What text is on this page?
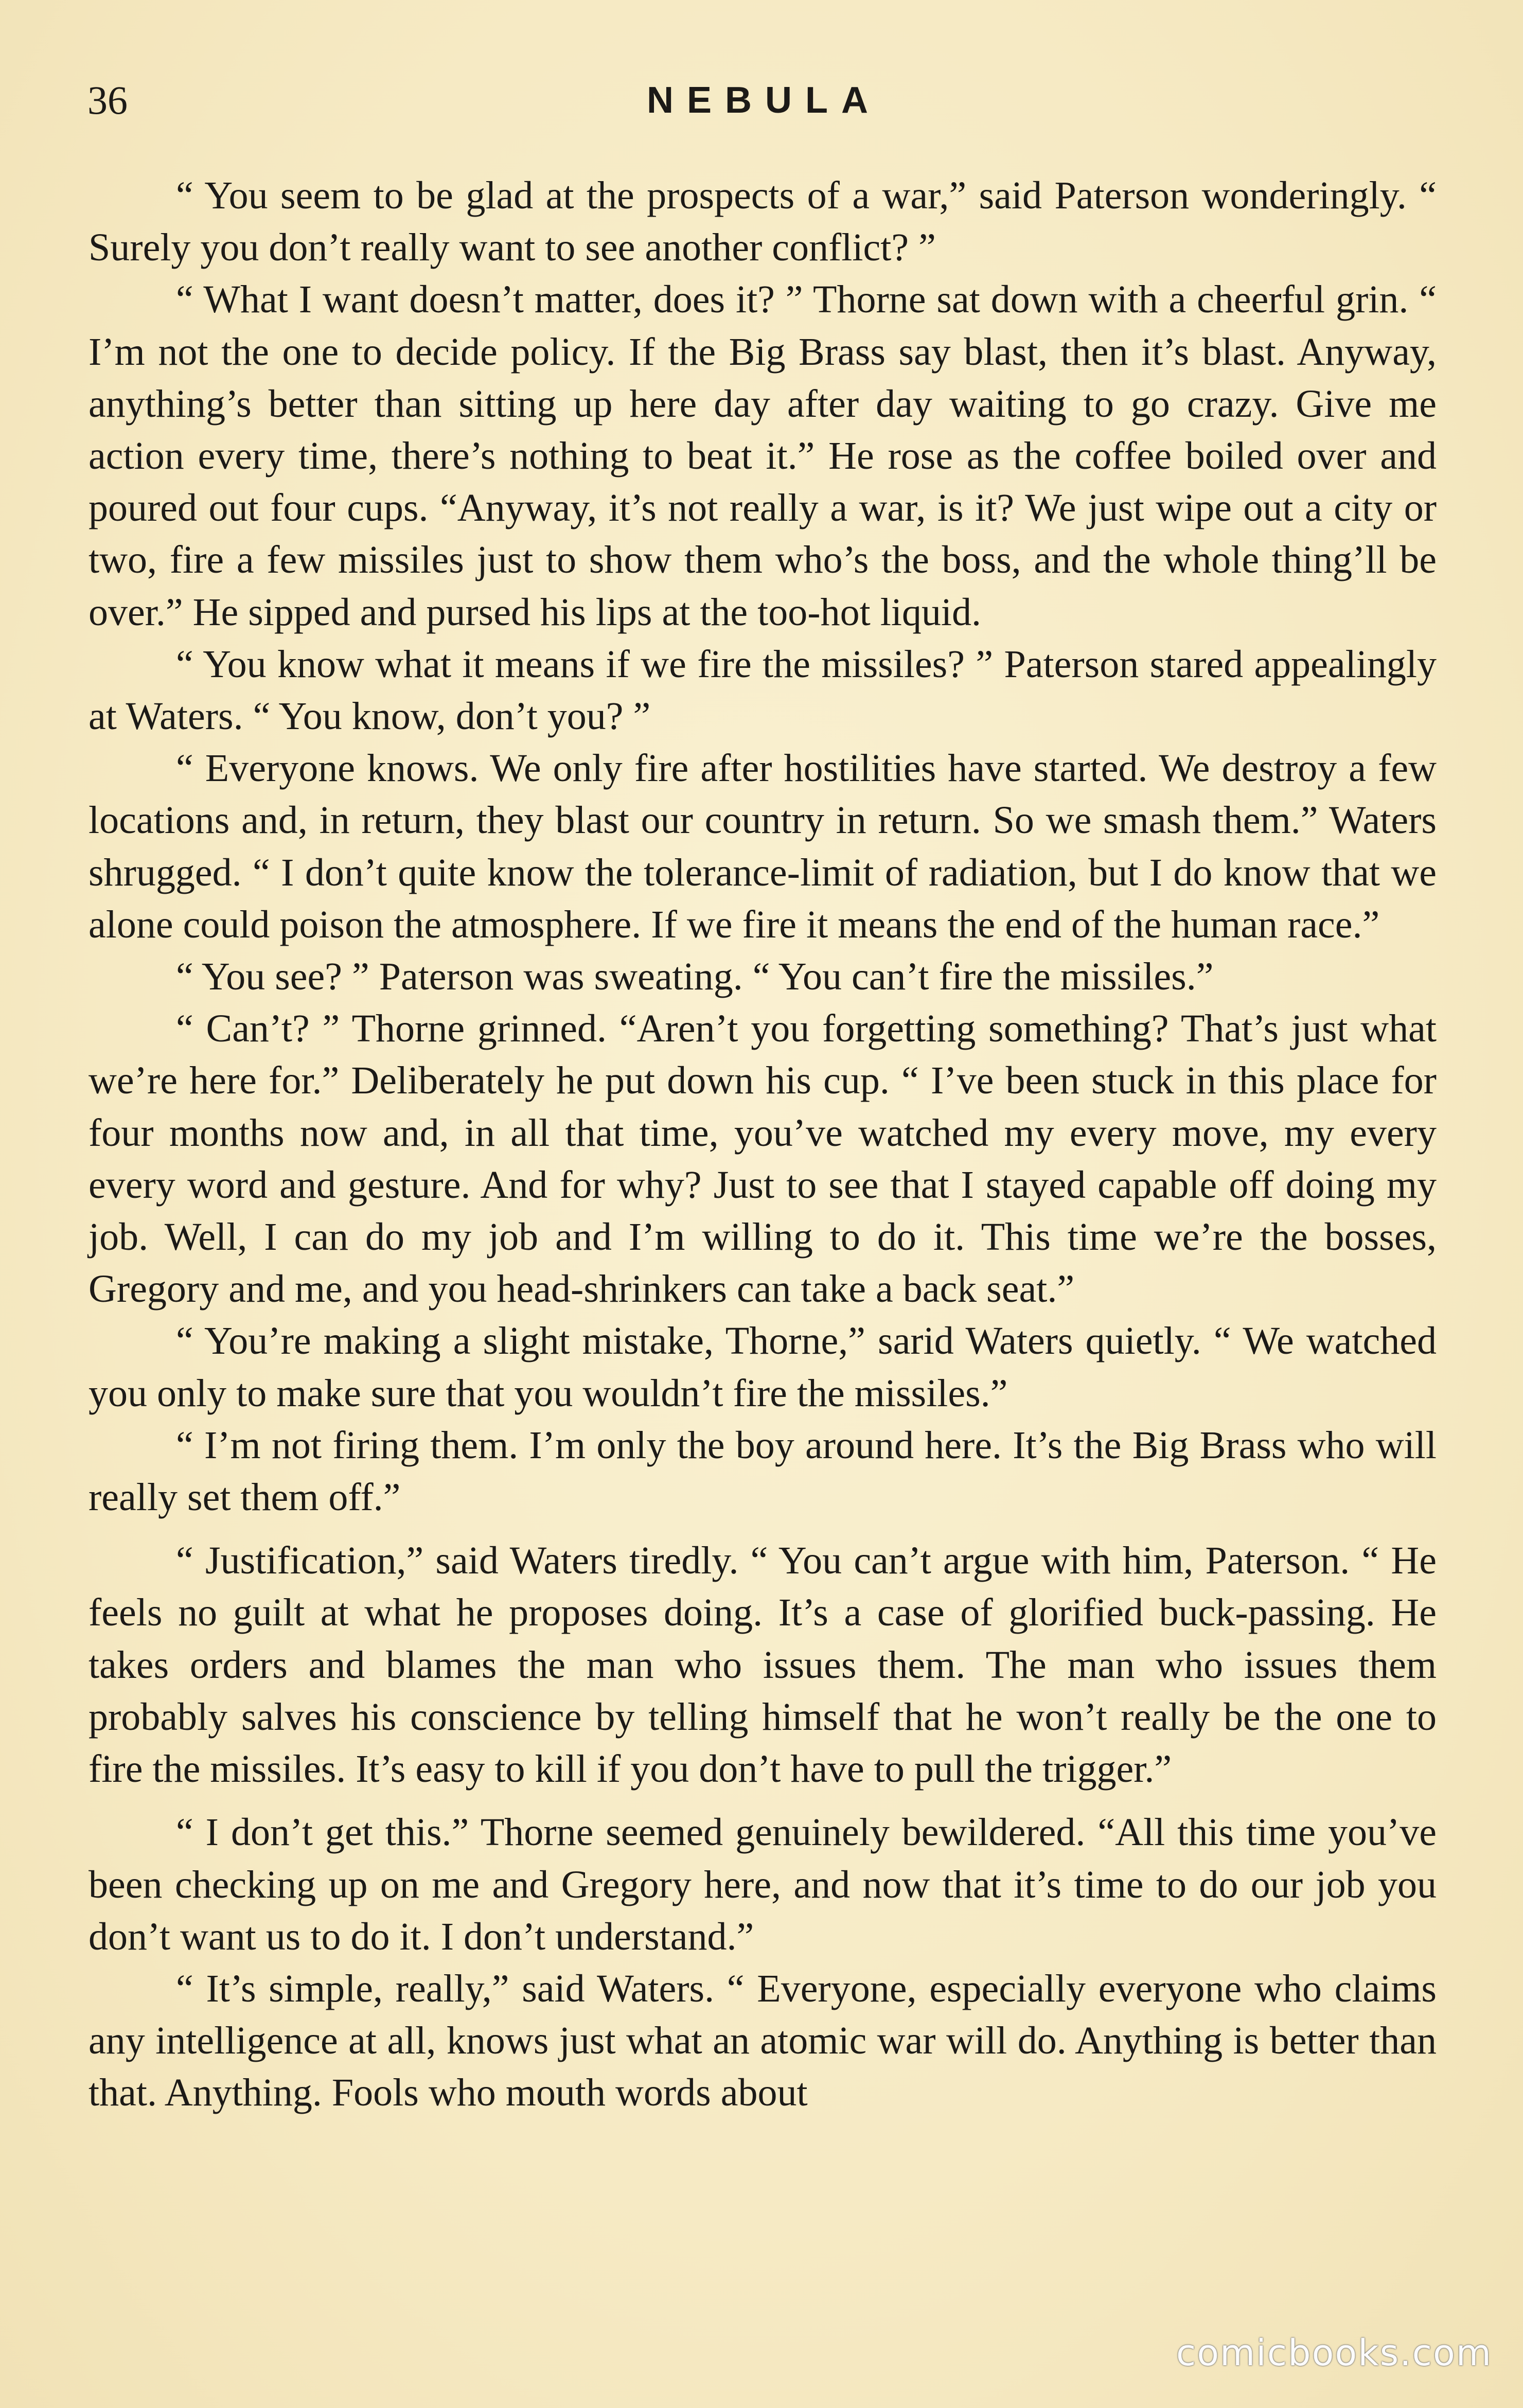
36	NEBULA

“ You seem to be glad at the prospects of a war,” said Paterson wonderingly. “ Surely you don’t really want to see another conflict? ”

“ What I want doesn’t matter, does it? ” Thorne sat down with a cheerful grin. “ I’m not the one to decide policy. If the Big Brass say blast, then it’s blast. Anyway, anything’s better than sitting up here day after day waiting to go crazy. Give me action every time, there’s nothing to beat it.” He rose as the coffee boiled over and poured out four cups. “Anyway, it’s not really a war, is it? We just wipe out a city or two, fire a few missiles just to show them who’s the boss, and the whole thing’ll be over.” He sipped and pursed his lips at the too-hot liquid.

“ You know what it means if we fire the missiles? ” Paterson stared appealingly at Waters. “ You know, don’t you? ”

“ Everyone knows. We only fire after hostilities have started. We destroy a few locations and, in return, they blast our country in return. So we smash them.” Waters shrugged. “ I don’t quite know the tolerance-limit of radiation, but I do know that we alone could poison the atmosphere. If we fire it means the end of the human race.”

“ You see? ” Paterson was sweating. “ You can’t fire the missiles.”

“ Can’t? ” Thorne grinned. “Aren’t you forgetting something? That’s just what we’re here for.” Deliberately he put down his cup. “ I’ve been stuck in this place for four months now and, in all that time, you’ve watched my every move, my every every word and gesture. And for why? Just to see that I stayed capable off doing my job. Well, I can do my job and I’m willing to do it. This time we’re the bosses, Gregory and me, and you head-shrinkers can take a back seat.”

“ You’re making a slight mistake, Thorne,” sarid Waters quietly. “ We watched you only to make sure that you wouldn’t fire the missiles.”

“ I’m not firing them. I’m only the boy around here. It’s the Big Brass who will really set them off.”

“ Justification,” said Waters tiredly. “ You can’t argue with him, Paterson. “ He feels no guilt at what he proposes doing. It’s a case of glorified buck-passing. He takes orders and blames the man who issues them. The man who issues them probably salves his conscience by telling himself that he won’t really be the one to fire the missiles. It’s easy to kill if you don’t have to pull the trigger.”

“ I don’t get this.” Thorne seemed genuinely bewildered. “All this time you’ve been checking up on me and Gregory here, and now that it’s time to do our job you don’t want us to do it. I don’t understand.”

“ It’s simple, really,” said Waters. “ Everyone, especially everyone who claims any intelligence at all, knows just what an atomic war will do. Anything is better than that. Anything. Fools who mouth words about

comicbooks.com
